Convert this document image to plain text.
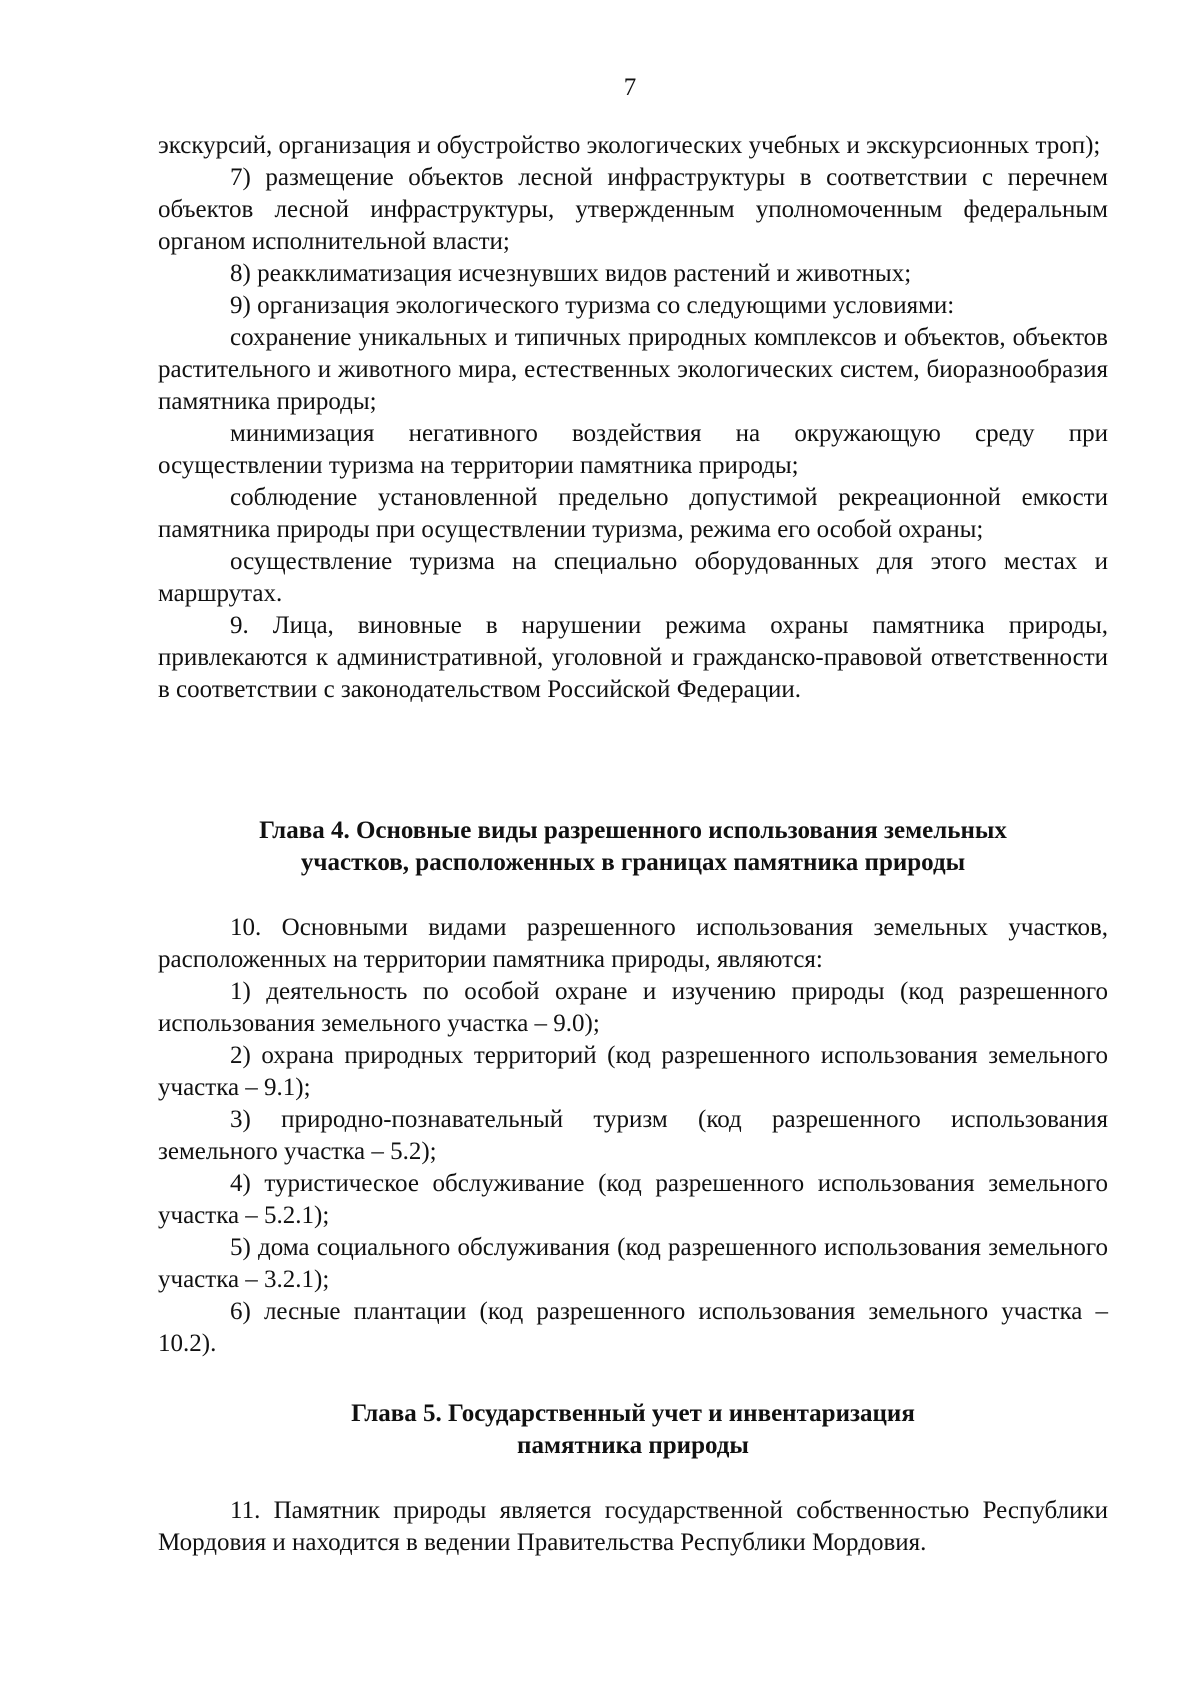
7

экскурсий, организация и обустройство экологических учебных и экскурсионных троп);

7) размещение объектов лесной инфраструктуры в соответствии с перечнем объектов лесной инфраструктуры, утвержденным уполномоченным федеральным органом исполнительной власти;

8) реакклиматизация исчезнувших видов растений и животных;

9) организация экологического туризма со следующими условиями:

сохранение уникальных и типичных природных комплексов и объектов, объектов растительного и животного мира, естественных экологических систем, биоразнообразия памятника природы;

минимизация негативного воздействия на окружающую среду при осуществлении туризма на территории памятника природы;

соблюдение установленной предельно допустимой рекреационной емкости памятника природы при осуществлении туризма, режима его особой охраны;

осуществление туризма на специально оборудованных для этого местах и маршрутах.

9. Лица, виновные в нарушении режима охраны памятника природы, привлекаются к административной, уголовной и гражданско-правовой ответственности в соответствии с законодательством Российской Федерации.

Глава 4. Основные виды разрешенного использования земельных
участков, расположенных в границах памятника природы

10. Основными видами разрешенного использования земельных участков, расположенных на территории памятника природы, являются:

1) деятельность по особой охране и изучению природы (код разрешенного использования земельного участка – 9.0);

2) охрана природных территорий (код разрешенного использования земельного участка – 9.1);

3) природно-познавательный туризм (код разрешенного использования земельного участка – 5.2);

4) туристическое обслуживание (код разрешенного использования земельного участка – 5.2.1);

5) дома социального обслуживания (код разрешенного использования земельного участка – 3.2.1);

6) лесные плантации (код разрешенного использования земельного участка – 10.2).

Глава 5. Государственный учет и инвентаризация
памятника природы

11. Памятник природы является государственной собственностью Республики Мордовия и находится в ведении Правительства Республики Мордовия.
